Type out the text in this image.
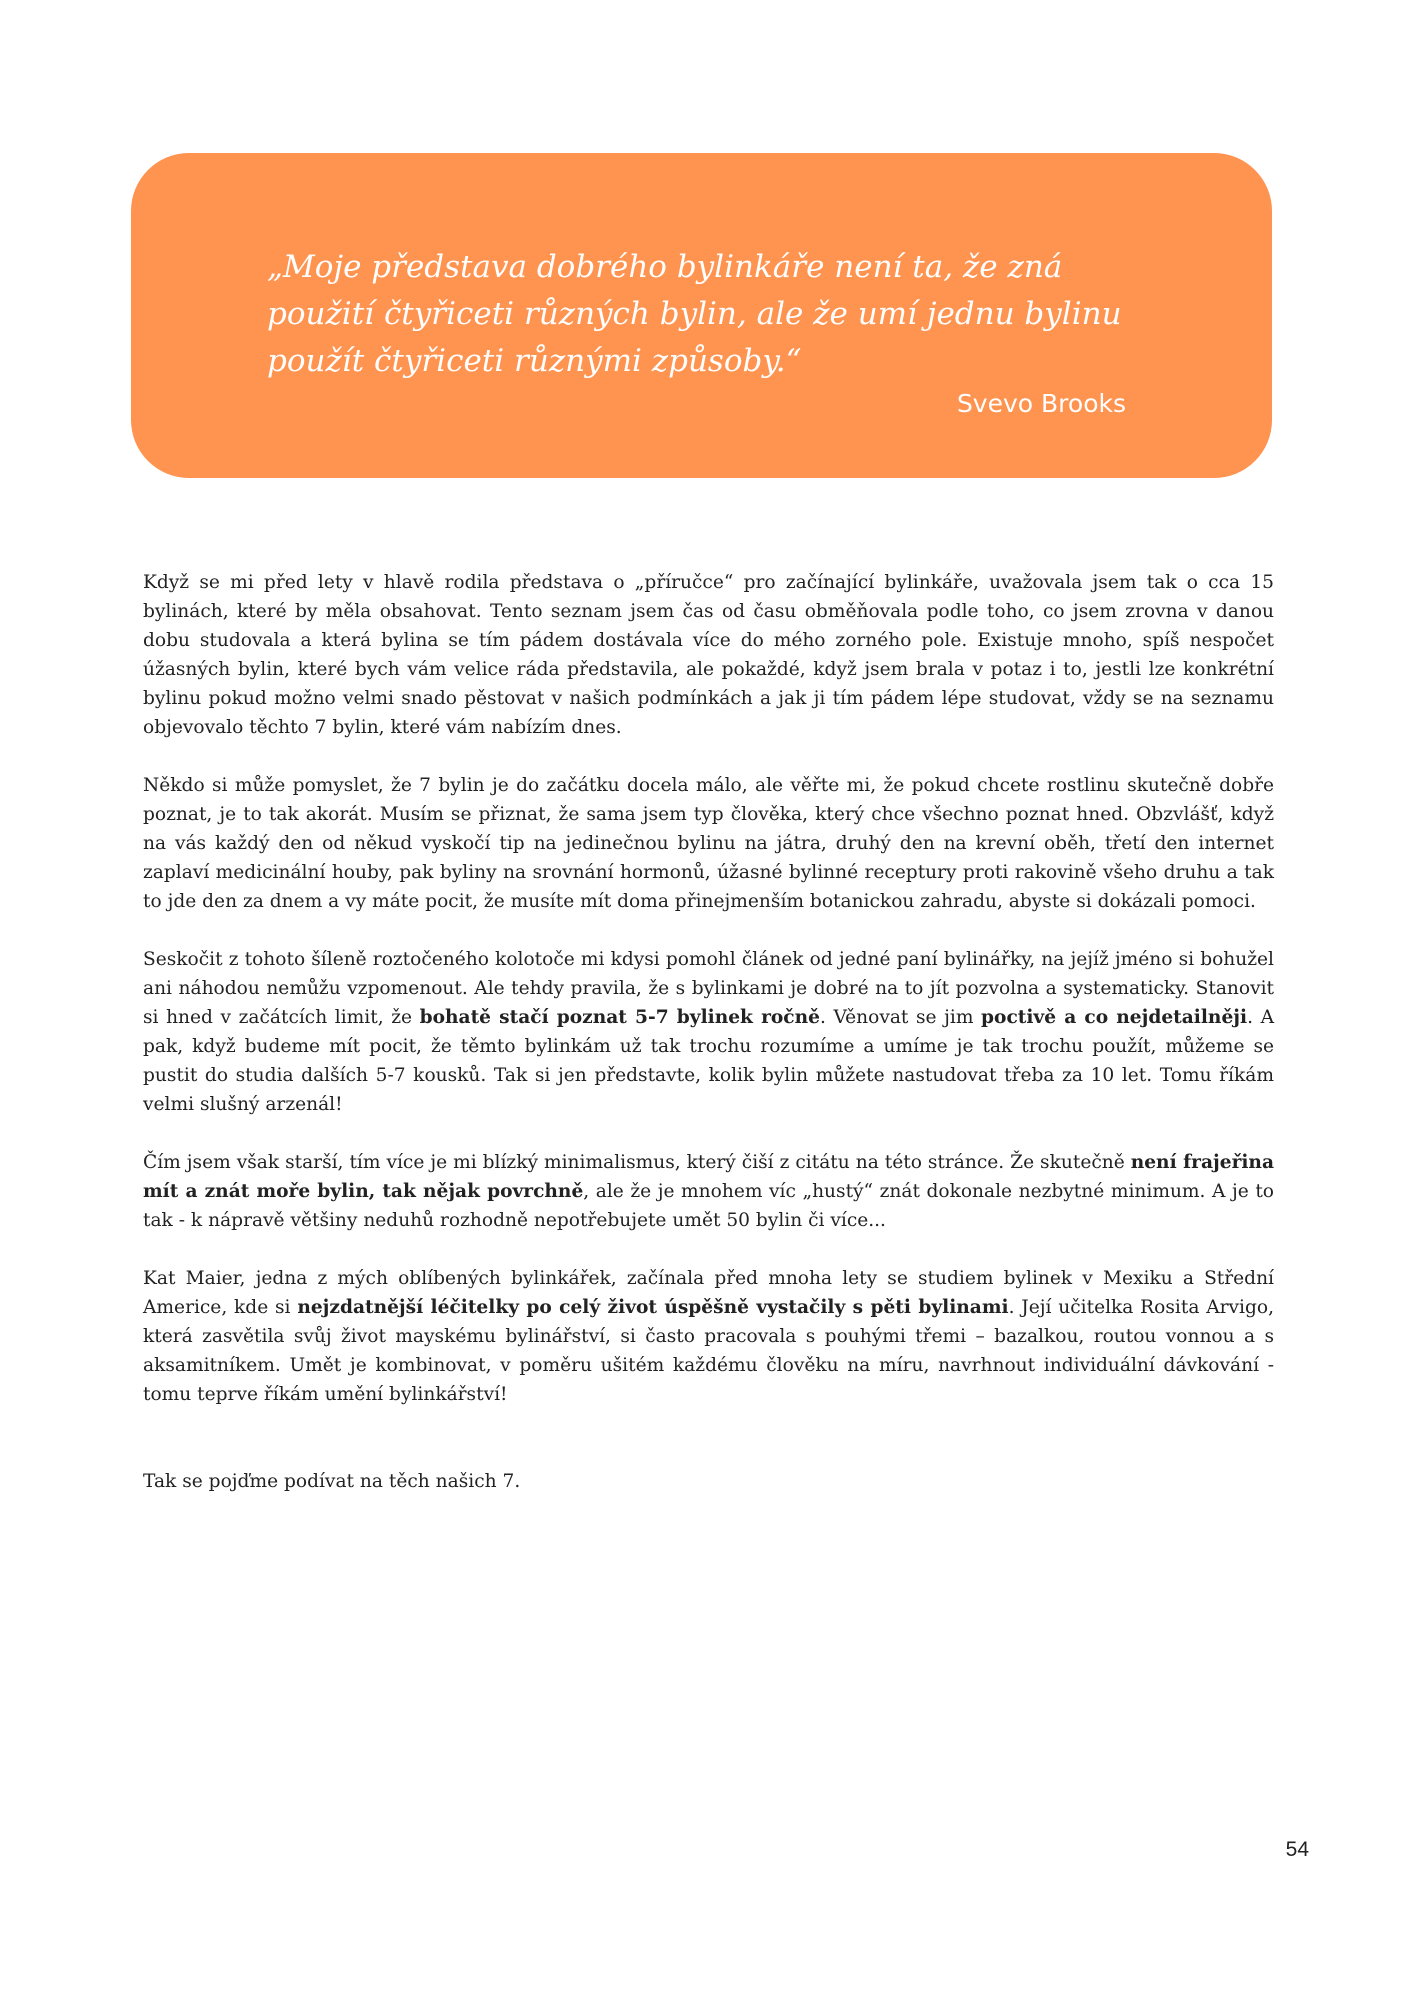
„Moje představa dobrého bylinkáře není ta, že zná
použití čtyřiceti různých bylin, ale že umí jednu bylinu
použít čtyřiceti různými způsoby.“

Svevo Brooks

Když se mi před lety v hlavě rodila představa o „příručce“ pro začínající bylinkáře, uvažovala jsem tak o cca 15 bylinách, které by měla obsahovat. Tento seznam jsem čas od času obměňovala podle toho, co jsem zrovna v danou dobu studovala a která bylina se tím pádem dostávala více do mého zorného pole. Existuje mnoho, spíš nespočet úžasných bylin, které bych vám velice ráda představila, ale pokaždé, když jsem brala v potaz i to, jestli lze konkrétní bylinu pokud možno velmi snado pěstovat v našich podmínkách a jak ji tím pádem lépe studovat, vždy se na seznamu objevovalo těchto 7 bylin, které vám nabízím dnes.

Někdo si může pomyslet, že 7 bylin je do začátku docela málo, ale věřte mi, že pokud chcete rostlinu skutečně dobře poznat, je to tak akorát. Musím se přiznat, že sama jsem typ člověka, který chce všechno poznat hned. Obzvlášť, když na vás každý den od někud vyskočí tip na jedinečnou bylinu na játra, druhý den na krevní oběh, třetí den internet zaplaví medicinální houby, pak byliny na srovnání hormonů, úžasné bylinné receptury proti rakovině všeho druhu a tak to jde den za dnem a vy máte pocit, že musíte mít doma přinejmenším botanickou zahradu, abyste si dokázali pomoci.

Seskočit z tohoto šíleně roztočeného kolotoče mi kdysi pomohl článek od jedné paní bylinářky, na jejíž jméno si bohužel ani náhodou nemůžu vzpomenout. Ale tehdy pravila, že s bylinkami je dobré na to jít pozvolna a systematicky. Stanovit si hned v začátcích limit, že bohatě stačí poznat 5-7 bylinek ročně. Věnovat se jim poctivě a co nejdetailněji. A pak, když budeme mít pocit, že těmto bylinkám už tak trochu rozumíme a umíme je tak trochu použít, můžeme se pustit do studia dalších 5-7 kousků. Tak si jen představte, kolik bylin můžete nastudovat třeba za 10 let. Tomu říkám velmi slušný arzenál!

Čím jsem však starší, tím více je mi blízký minimalismus, který čiší z citátu na této stránce. Že skutečně není frajeřina mít a znát moře bylin, tak nějak povrchně, ale že je mnohem víc „hustý“ znát dokonale nezbytné minimum. A je to tak - k nápravě většiny neduhů rozhodně nepotřebujete umět 50 bylin či více...

Kat Maier, jedna z mých oblíbených bylinkářek, začínala před mnoha lety se studiem bylinek v Mexiku a Střední Americe, kde si nejzdatnější léčitelky po celý život úspěšně vystačily s pěti bylinami. Její učitelka Rosita Arvigo, která zasvětila svůj život mayskému bylinářství, si často pracovala s pouhými třemi – bazalkou, routou vonnou a s aksamitníkem. Umět je kombinovat, v poměru ušitém každému člověku na míru, navrhnout individuální dávkování - tomu teprve říkám umění bylinkářství!

Tak se pojďme podívat na těch našich 7.

54
